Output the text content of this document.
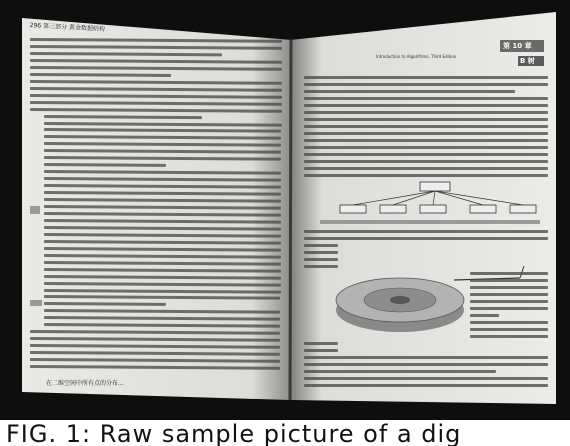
296 第三部分 黄金数据结构
在二维空间中所有点的分布...
第 10 章
Introduction to Algorithms, Third Edition
B 树
FIG. 1: Raw sample picture of a dig
